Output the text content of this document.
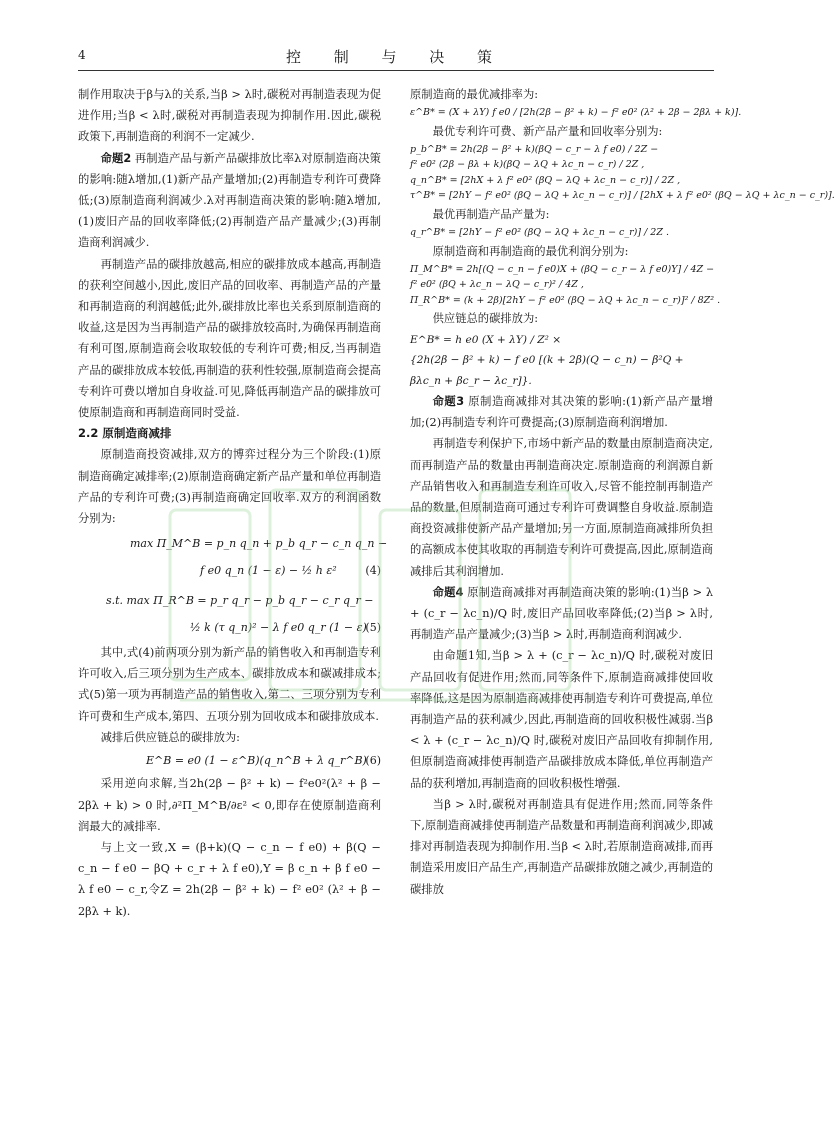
4	控 制 与 决 策

制作用取决于β与λ的关系,当β > λ时,碳税对再制造表现为促进作用;当β < λ时,碳税对再制造表现为抑制作用.因此,碳税政策下,再制造商的利润不一定减少.

命题2 再制造产品与新产品碳排放比率λ对原制造商决策的影响:随λ增加,(1)新产品产量增加;(2)再制造专利许可费降低;(3)原制造商利润减少.λ对再制造商决策的影响:随λ增加,(1)废旧产品的回收率降低;(2)再制造产品产量减少;(3)再制造商利润减少.

再制造产品的碳排放越高,相应的碳排放成本越高,再制造的获利空间越小,因此,废旧产品的回收率、再制造产品的产量和再制造商的利润越低;此外,碳排放比率也关系到原制造商的收益,这是因为当再制造产品的碳排放较高时,为确保再制造商有利可图,原制造商会收取较低的专利许可费;相反,当再制造产品的碳排放成本较低,再制造的获利性较强,原制造商会提高专利许可费以增加自身收益.可见,降低再制造产品的碳排放可使原制造商和再制造商同时受益.

2.2 原制造商减排

原制造商投资减排,双方的博弈过程分为三个阶段:(1)原制造商确定减排率;(2)原制造商确定新产品产量和单位再制造产品的专利许可费;(3)再制造商确定回收率.双方的利润函数分别为:

max Π_M^B = p_n q_n + p_b q_r − c_n q_n −
f e0 q_n (1 − ε) − ½ h ε²	(4)
s.t. max Π_R^B = p_r q_r − p_b q_r − c_r q_r −
½ k (τ q_n)² − λ f e0 q_r (1 − ε)
(5)

其中,式(4)前两项分别为新产品的销售收入和再制造专利许可收入,后三项分别为生产成本、碳排放成本和碳减排成本;式(5)第一项为再制造产品的销售收入,第二、三项分别为专利许可费和生产成本,第四、五项分别为回收成本和碳排放成本.

减排后供应链总的碳排放为:

E^B = e0 (1 − ε^B)(q_n^B + λ q_r^B)
(6)

采用逆向求解,当2h(2β − β² + k) − f²e0²(λ² + β − 2βλ + k) > 0 时,∂²Π_M^B/∂ε² < 0,即存在使原制造商利润最大的减排率.

与上文一致,X = (β+k)(Q − c_n − f e0) + β(Q − c_n − f e0 − βQ + c_r + λ f e0),Y = β c_n + β f e0 − λ f e0 − c_r,令Z = 2h(2β − β² + k) − f² e0² (λ² + β − 2βλ + k).

原制造商的最优减排率为:

ε^B* = (X + λY) f e0 / [2h(2β − β² + k) − f² e0² (λ² + 2β − 2βλ + k)].

最优专利许可费、新产品产量和回收率分别为:

p_b^B* = 2h(2β − β² + k)(βQ − c_r − λ f e0) / 2Z −
f² e0² (2β − βλ + k)(βQ − λQ + λc_n − c_r) / 2Z ,
q_n^B* = [2hX + λ f² e0² (βQ − λQ + λc_n − c_r)] / 2Z ,
τ^B* = [2hY − f² e0² (βQ − λQ + λc_n − c_r)] / [2hX + λ f² e0² (βQ − λQ + λc_n − c_r)].

最优再制造产品产量为:

q_r^B* = [2hY − f² e0² (βQ − λQ + λc_n − c_r)] / 2Z .

原制造商和再制造商的最优利润分别为:

Π_M^B* = 2h[(Q − c_n − f e0)X + (βQ − c_r − λ f e0)Y] / 4Z −
f² e0² (βQ + λc_n − λQ − c_r)² / 4Z ,
Π_R^B* = (k + 2β)[2hY − f² e0² (βQ − λQ + λc_n − c_r)]² / 8Z² .

供应链总的碳排放为:

E^B* = h e0 (X + λY) / Z² ×
{2h(2β − β² + k) − f e0 [(k + 2β)(Q − c_n) − β²Q +
βλc_n + βc_r − λc_r]}.

命题3 原制造商减排对其决策的影响:(1)新产品产量增加;(2)再制造专利许可费提高;(3)原制造商利润增加.

再制造专利保护下,市场中新产品的数量由原制造商决定,而再制造产品的数量由再制造商决定.原制造商的利润源自新产品销售收入和再制造专利许可收入,尽管不能控制再制造产品的数量,但原制造商可通过专利许可费调整自身收益.原制造商投资减排使新产品产量增加;另一方面,原制造商减排所负担的高额成本使其收取的再制造专利许可费提高,因此,原制造商减排后其利润增加.

命题4 原制造商减排对再制造商决策的影响:(1)当β > λ + (c_r − λc_n)/Q 时,废旧产品回收率降低;(2)当β > λ时,再制造产品产量减少;(3)当β > λ时,再制造商利润减少.

由命题1知,当β > λ + (c_r − λc_n)/Q 时,碳税对废旧产品回收有促进作用;然而,同等条件下,原制造商减排使回收率降低,这是因为原制造商减排使再制造专利许可费提高,单位再制造产品的获利减少,因此,再制造商的回收积极性减弱.当β < λ + (c_r − λc_n)/Q 时,碳税对废旧产品回收有抑制作用,但原制造商减排使再制造产品碳排放成本降低,单位再制造产品的获利增加,再制造商的回收积极性增强.

当β > λ时,碳税对再制造具有促进作用;然而,同等条件下,原制造商减排使再制造产品数量和再制造商利润减少,即减排对再制造表现为抑制作用.当β < λ时,若原制造商减排,而再制造采用废旧产品生产,再制造产品碳排放随之减少,再制造的碳排放
